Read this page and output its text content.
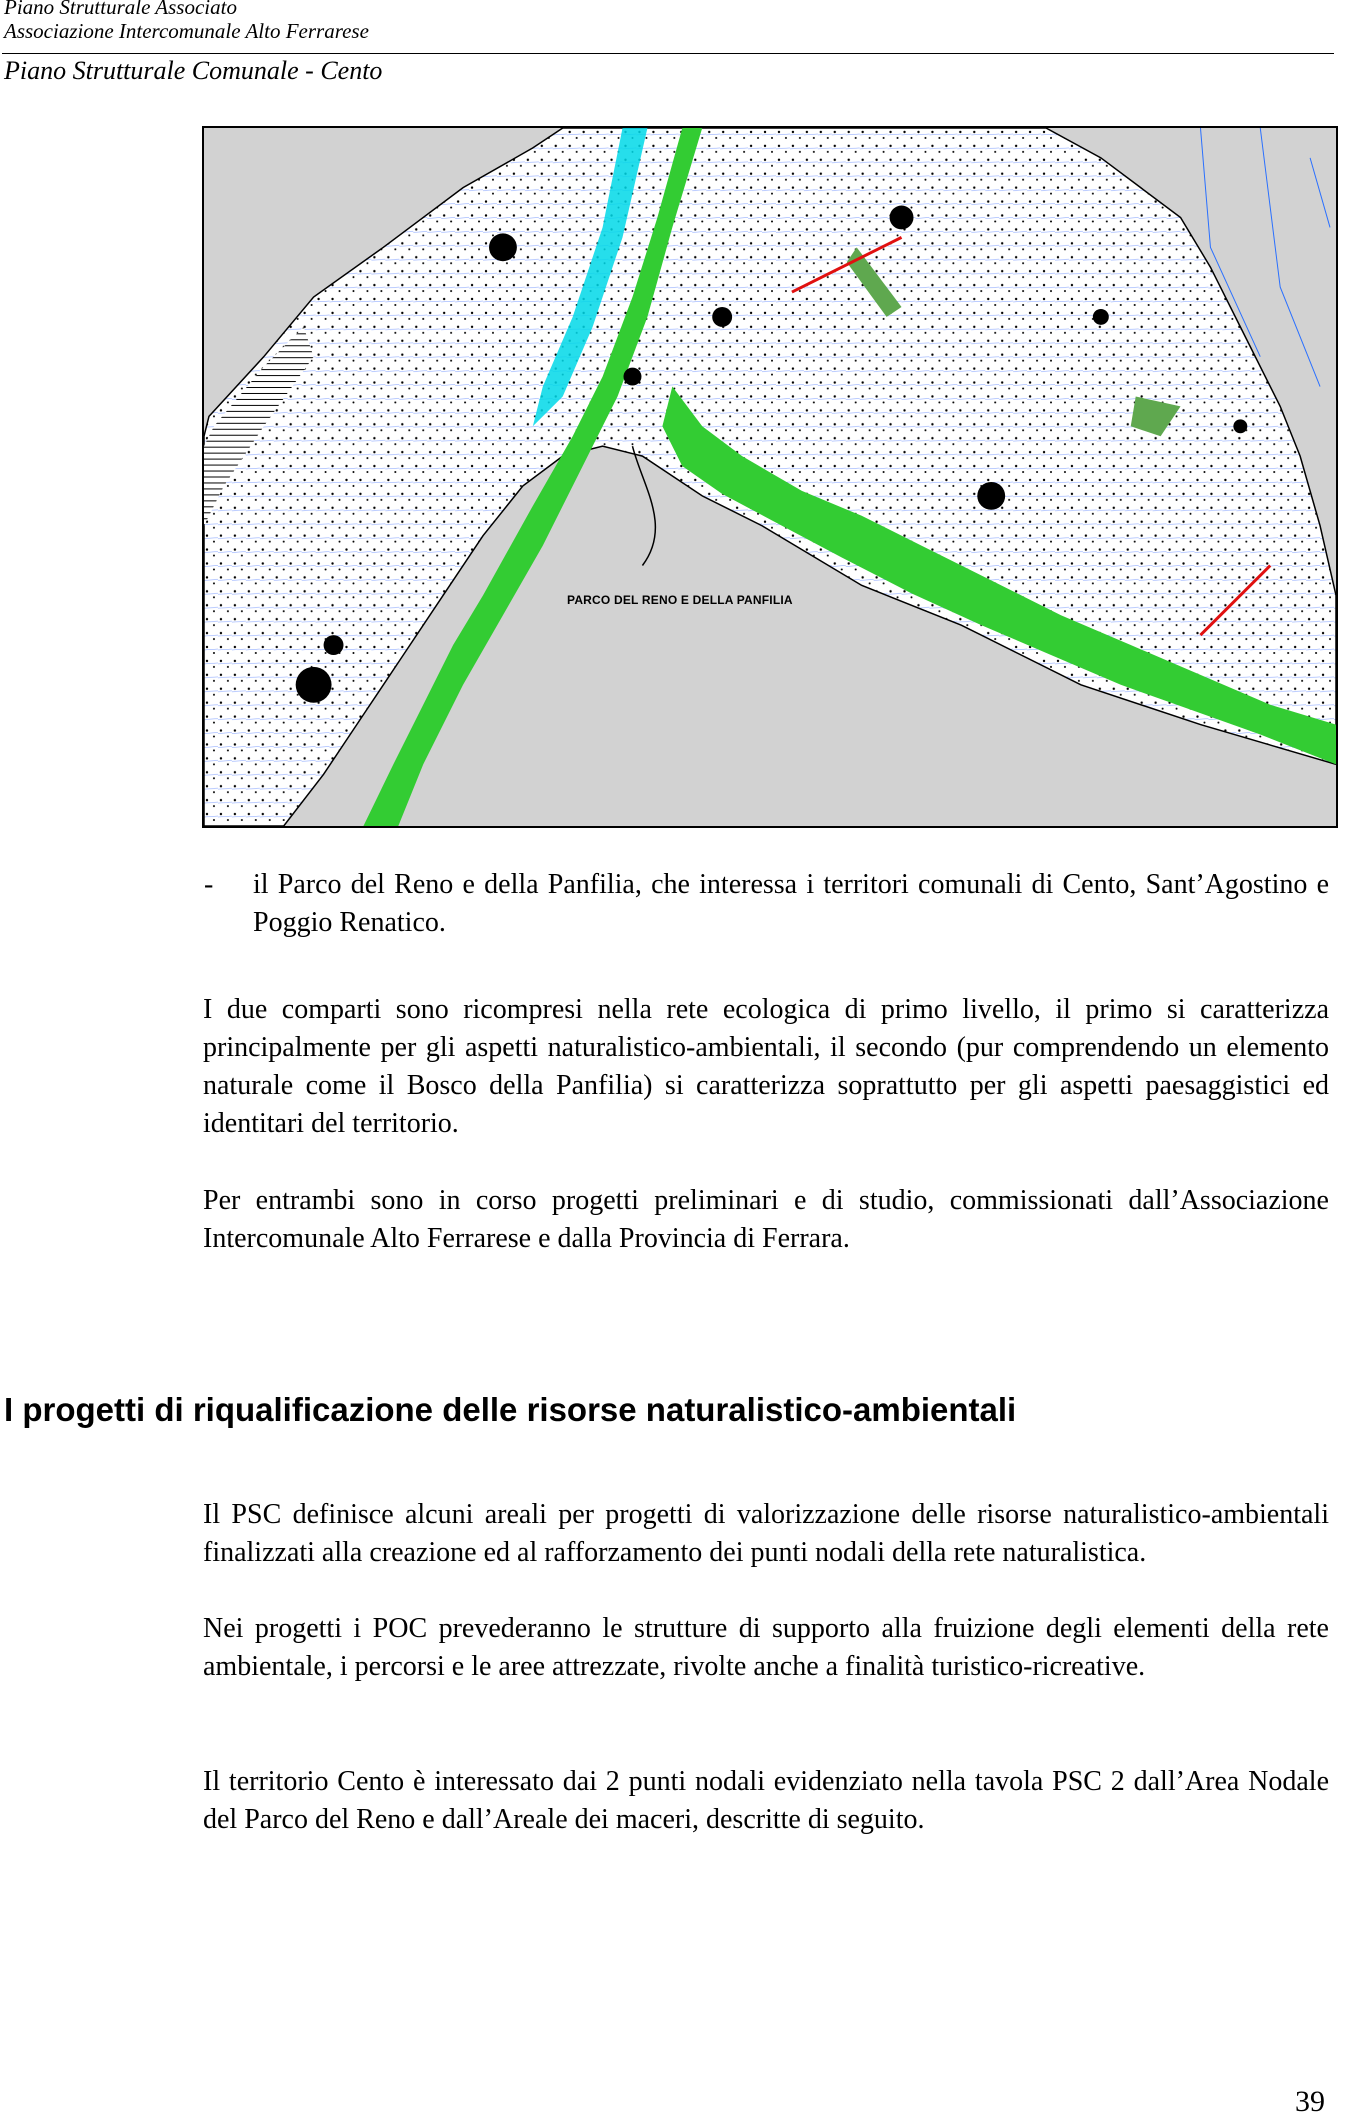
Piano Strutturale Associato
Associazione Intercomunale Alto Ferrarese
Piano Strutturale Comunale - Cento
PARCO DEL RENO E DELLA PANFILIA
- il Parco del Reno e della Panfilia, che interessa i territori comunali di Cento, Sant’Agostino e Poggio Renatico.
I due comparti sono ricompresi nella rete ecologica di primo livello, il primo si caratterizza principalmente per gli aspetti naturalistico-ambientali, il secondo (pur comprendendo un elemento naturale come il Bosco della Panfilia) si caratterizza soprattutto per gli aspetti paesaggistici ed identitari del territorio.
Per entrambi sono in corso progetti preliminari e di studio, commissionati dall’Associazione Intercomunale Alto Ferrarese e dalla Provincia di Ferrara.
I progetti di riqualificazione delle risorse naturalistico-ambientali
Il PSC definisce alcuni areali per progetti di valorizzazione delle risorse naturalistico-ambientali finalizzati alla creazione ed al rafforzamento dei punti nodali della rete naturalistica.
Nei progetti i POC prevederanno le strutture di supporto alla fruizione degli elementi della rete ambientale, i percorsi e le aree attrezzate, rivolte anche a finalità turistico-ricreative.
Il territorio Cento è interessato dai 2 punti nodali evidenziato nella tavola PSC 2 dall’Area Nodale del Parco del Reno e dall’Areale dei maceri, descritte di seguito.
39
